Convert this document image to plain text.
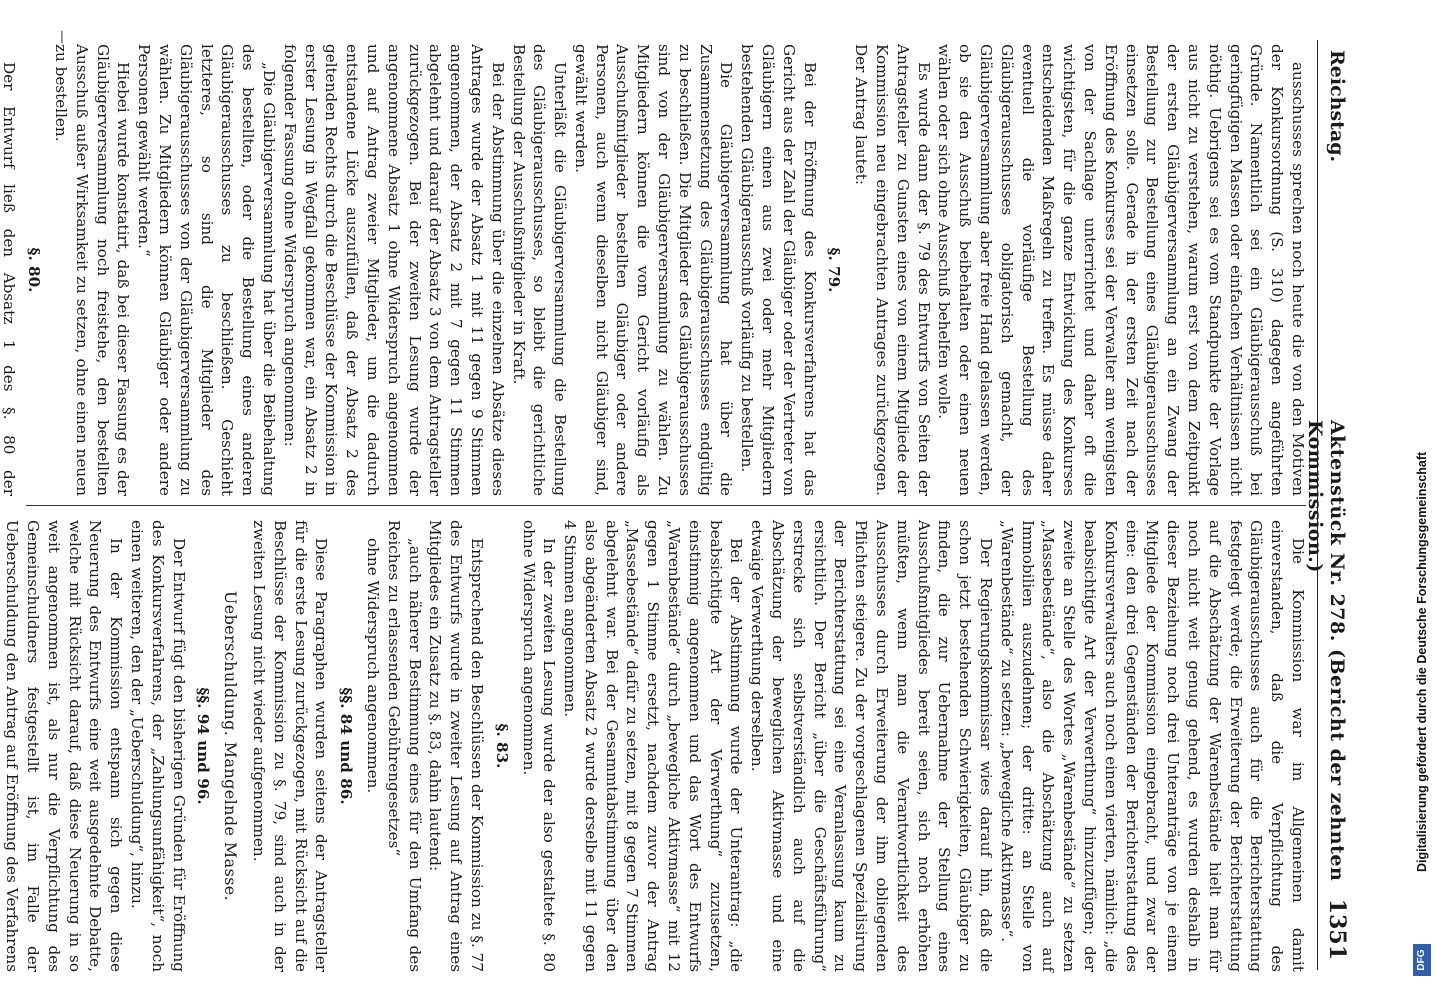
Reichstag.
Aktenstück Nr. 278. (Bericht der zehnten Kommission.)
1351

ausschusses sprechen noch heute die von den Motiven der Konkursordnung (S. 310) dagegen angeführten Gründe. Namentlich sei ein Gläubigerausschuß bei geringfügigen Massen oder einfachen Verhältnissen nicht nöthig. Uebrigens sei es vom Standpunkte der Vorlage aus nicht zu verstehen, warum erst von dem Zeitpunkt der ersten Gläubigerversammlung an ein Zwang der Bestellung zur Bestellung eines Gläubigerausschusses einsetzen solle. Gerade in der ersten Zeit nach der Eröffnung des Konkurses sei der Verwalter am wenigsten von der Sachlage unterrichtet und daher oft die wichtigsten, für die ganze Entwicklung des Konkurses entscheidenden Maßregeln zu treffen. Es müsse daher eventuell die vorläufige Bestellung des Gläubigerausschusses obligatorisch gemacht, der Gläubigerversammlung aber freie Hand gelassen werden, ob sie den Ausschuß beibehalten oder einen neuen wählen oder sich ohne Ausschuß behelfen wolle.

Es wurde dann der §. 79 des Entwurfs von Seiten der Antragsteller zu Gunsten eines von einem Mitgliede der Kommission neu eingebrachten Antrages zurückgezogen. Der Antrag lautet:

§. 79.

Bei der Eröffnung des Konkursverfahrens hat das Gericht aus der Zahl der Gläubiger oder der Vertreter von Gläubigern einen aus zwei oder mehr Mitgliedern bestehenden Gläubigerausschuß vorläufig zu bestellen.

Die Gläubigerversammlung hat über die Zusammensetzung des Gläubigerausschusses endgültig zu beschließen. Die Mitglieder des Gläubigerausschusses sind von der Gläubigerversammlung zu wählen. Zu Mitgliedern können die vom Gericht vorläufig als Ausschußmitglieder bestellten Gläubiger oder andere Personen, auch wenn dieselben nicht Gläubiger sind, gewählt werden.

Unterläßt die Gläubigerversammlung die Bestellung des Gläubigerausschusses, so bleibt die gerichtliche Bestellung der Ausschußmitglieder in Kraft.

Bei der Abstimmung über die einzelnen Absätze dieses Antrages wurde der Absatz 1 mit 11 gegen 9 Stimmen angenommen, der Absatz 2 mit 7 gegen 11 Stimmen abgelehnt und darauf der Absatz 3 von dem Antragsteller zurückgezogen. Bei der zweiten Lesung wurde der angenommene Absatz 1 ohne Widerspruch angenommen und auf Antrag zweier Mitglieder, um die dadurch entstandene Lücke auszufüllen, daß der Absatz 2 des geltenden Rechts durch die Beschlüsse der Kommission in erster Lesung in Wegfall gekommen war, ein Absatz 2 in folgender Fassung ohne Widerspruch angenommen:

„Die Gläubigerversammlung hat über die Beibehaltung des bestellten, oder die Bestellung eines anderen Gläubigerausschusses zu beschließen. Geschieht letzteres, so sind die Mitglieder des Gläubigerausschusses von der Gläubigerversammlung zu wählen. Zu Mitgliedern können Gläubiger oder andere Personen gewählt werden.“

Hiebei wurde konstatirt, daß bei dieser Fassung es der Gläubigerversammlung noch freistehe, den bestellten Ausschuß außer Wirksamkeit zu setzen, ohne einen neuen zu bestellen.

§. 80.

Der Entwurf ließ den Absatz 1 des §. 80 der

Die Kommission war im Allgemeinen damit einverstanden, daß die Verpflichtung des Gläubigerausschusses auch für die Berichterstattung festgelegt werde; die Erweiterung der Berichterstattung auf die Abschätzung der Warenbestände hielt man für noch nicht weit genug gehend, es wurden deshalb in dieser Beziehung noch drei Unteranträge von je einem Mitgliede der Kommission eingebracht, und zwar der eine: den drei Gegenständen der Berichterstattung des Konkursverwalters auch noch einen vierten, nämlich: „die beabsichtigte Art der Verwerthung“ hinzuzufügen; der zweite an Stelle des Wortes „Warenbestände“ zu setzen „Massebestände“, also die Abschätzung auch auf Immobilien auszudehnen; der dritte: an Stelle von „Warenbestände“ zu setzen: „bewegliche Aktivmasse“.

Der Regierungskommissar wies darauf hin, daß die schon jetzt bestehenden Schwierigkeiten, Gläubiger zu finden, die zur Uebernahme der Stellung eines Ausschußmitgliedes bereit seien, sich noch erhöhen müßten, wenn man die Verantwortlichkeit des Ausschusses durch Erweiterung der ihm obliegenden Pflichten steigere. Zu der vorgeschlagenen Spezialisirung der Berichterstattung sei eine Veranlassung kaum zu ersichtlich. Der Bericht „über die Geschäftsführung“ erstrecke sich selbstverständlich auch auf die Abschätzung der beweglichen Aktivmasse und eine etwaige Verwerthung derselben.

Bei der Abstimmung wurde der Unterantrag: „die beabsichtigte Art der Verwerthung“ zuzusetzen, einstimmig angenommen und das Wort des Entwurfs „Warenbestände“ durch „bewegliche Aktivmasse“ mit 12 gegen 1 Stimme ersetzt, nachdem zuvor der Antrag „Massebestände“ dafür zu setzen, mit 8 gegen 7 Stimmen abgelehnt war. Bei der Gesammtabstimmung über den also abgeänderten Absatz 2 wurde derselbe mit 11 gegen 4 Stimmen angenommen.

In der zweiten Lesung wurde der also gestaltete §. 80 ohne Widerspruch angenommen.

§. 83.

Entsprechend den Beschlüssen der Kommission zu §. 77 des Entwurfs wurde in zweiter Lesung auf Antrag eines Mitgliedes ein Zusatz zu §. 83, dahin lautend:

„auch näherer Bestimmung eines für den Umfang des Reiches zu erlassenden Gebührengesetzes“

ohne Widerspruch angenommen.

§§. 84 und 86.

Diese Paragraphen wurden seitens der Antragsteller für die erste Lesung zurückgezogen, mit Rücksicht auf die Beschlüsse der Kommission zu §. 79, sind auch in der zweiten Lesung nicht wieder aufgenommen.

Ueberschuldung. Mangelnde Masse.

§§. 94 und 96.

Der Entwurf fügt den bisherigen Gründen für Eröffnung des Konkursverfahrens, der „Zahlungsunfähigkeit“, noch einen weiteren, den der „Ueberschuldung“, hinzu.

In der Kommission entspann sich gegen diese Neuerung des Entwurfs eine weit ausgedehnte Debatte, welche mit Rücksicht darauf, daß diese Neuerung in so weit angenommen ist, als nur die Verpflichtung des Gemeinschuldners festgestellt ist, im Falle der Ueberschuldung den Antrag auf Eröffnung des Verfahrens

—
DFG
Digitalisierung gefördert durch die Deutsche Forschungsgemeinschaft
